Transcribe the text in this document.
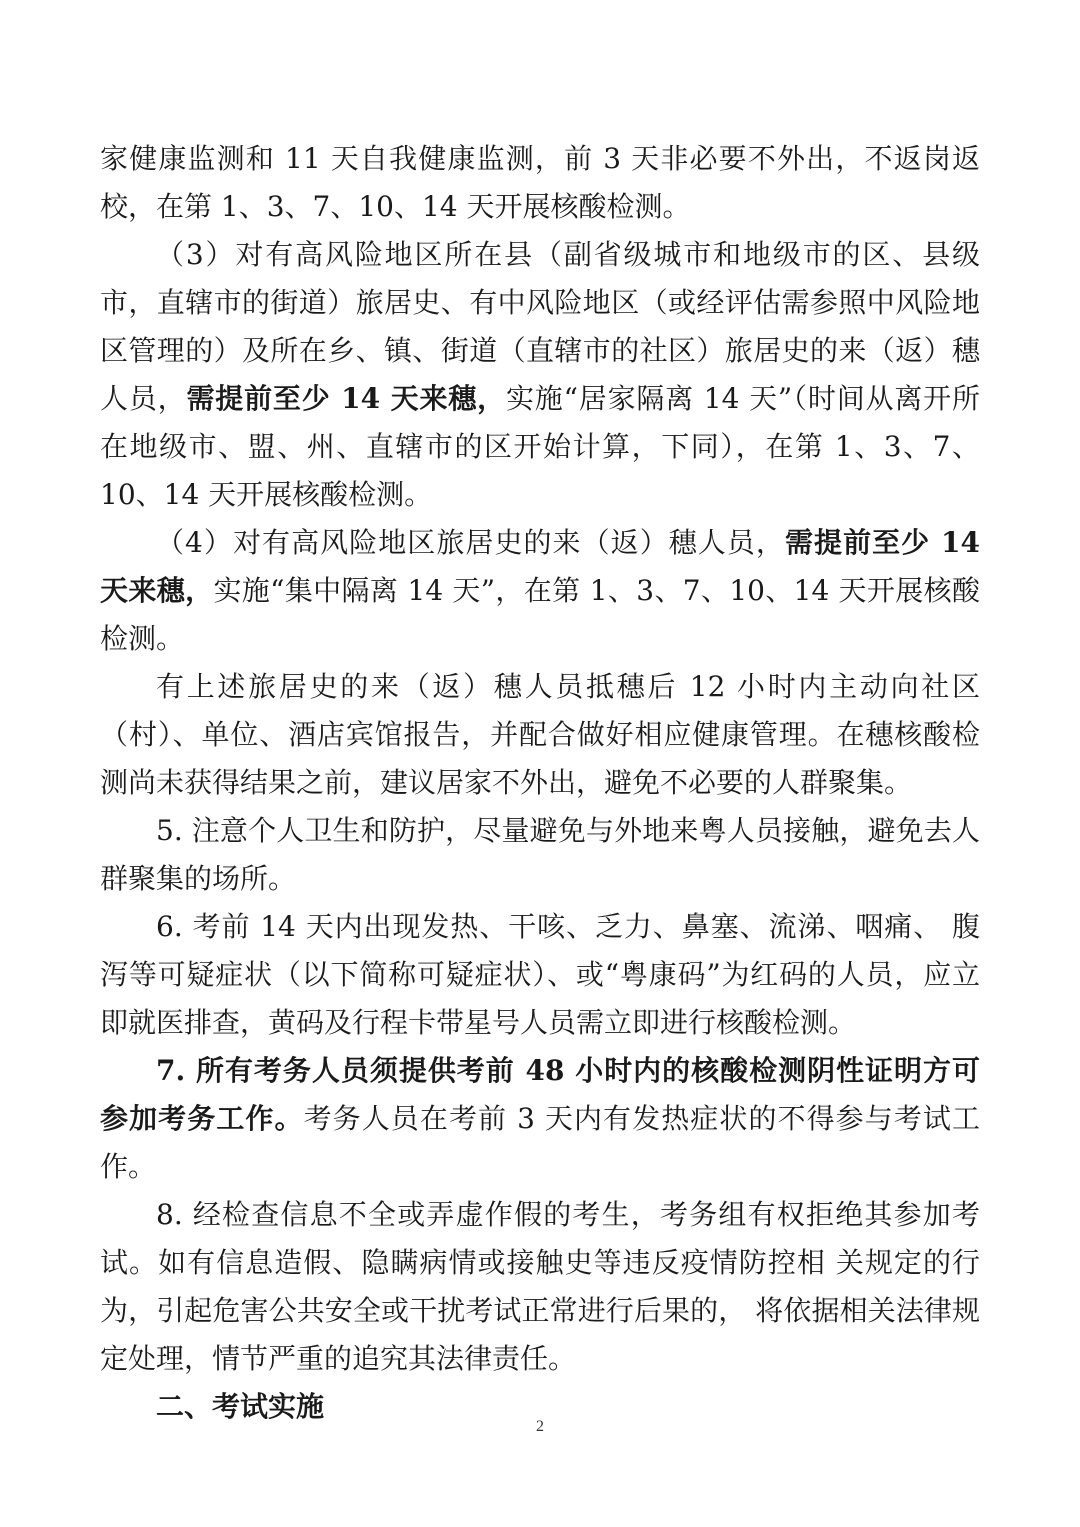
家健康监测和 11 天自我健康监测，前 3 天非必要不外出，不返岗返校，在第 1、3、7、10、14 天开展核酸检测。

（3）对有高风险地区所在县（副省级城市和地级市的区、县级市，直辖市的街道）旅居史、有中风险地区（或经评估需参照中风险地区管理的）及所在乡、镇、街道（直辖市的社区）旅居史的来（返）穗人员，需提前至少 14 天来穗，实施“居家隔离 14 天”（时间从离开所在地级市、盟、州、直辖市的区开始计算，下同），在第 1、3、7、10、14 天开展核酸检测。

（4）对有高风险地区旅居史的来（返）穗人员，需提前至少 14 天来穗，实施“集中隔离 14 天”，在第 1、3、7、10、14 天开展核酸检测。

有上述旅居史的来（返）穗人员抵穗后 12 小时内主动向社区（村）、单位、酒店宾馆报告，并配合做好相应健康管理。在穗核酸检测尚未获得结果之前，建议居家不外出，避免不必要的人群聚集。

5. 注意个人卫生和防护，尽量避免与外地来粤人员接触，避免去人群聚集的场所。

6. 考前 14 天内出现发热、干咳、乏力、鼻塞、流涕、咽痛、 腹泻等可疑症状（以下简称可疑症状）、或“粤康码”为红码的人员，应立即就医排查，黄码及行程卡带星号人员需立即进行核酸检测。

7. 所有考务人员须提供考前 48 小时内的核酸检测阴性证明方可参加考务工作。考务人员在考前 3 天内有发热症状的不得参与考试工作。

8. 经检查信息不全或弄虚作假的考生，考务组有权拒绝其参加考试。如有信息造假、隐瞒病情或接触史等违反疫情防控相 关规定的行为，引起危害公共安全或干扰考试正常进行后果的， 将依据相关法律规定处理，情节严重的追究其法律责任。

二、考试实施

2
